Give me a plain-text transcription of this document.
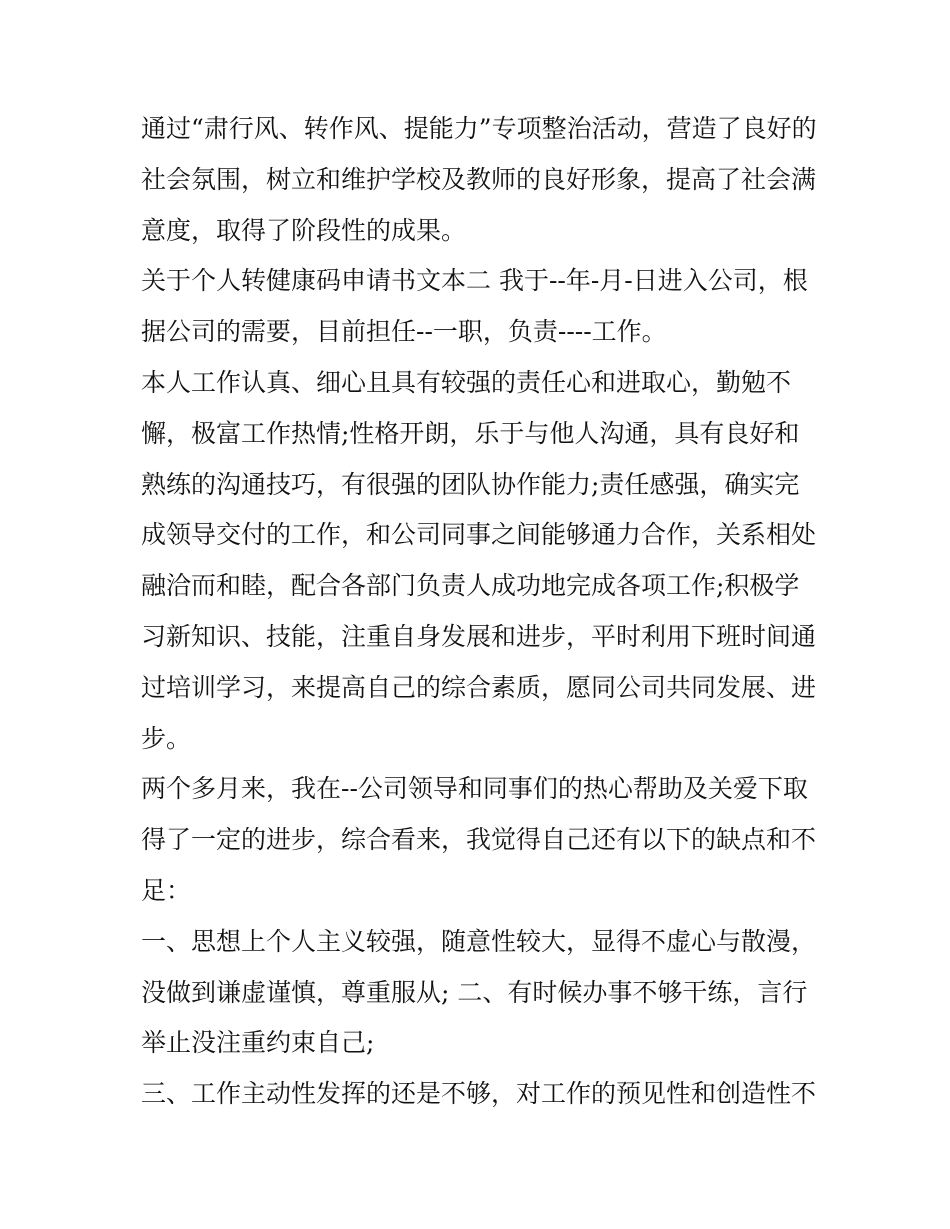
通过“肃行风、转作风、提能力”专项整治活动，营造了良好的
社会氛围，树立和维护学校及教师的良好形象，提高了社会满
意度，取得了阶段性的成果。
关于个人转健康码申请书文本二 我于--年-月-日进入公司，根
据公司的需要，目前担任--一职，负责----工作。
本人工作认真、细心且具有较强的责任心和进取心，勤勉不
懈，极富工作热情;性格开朗，乐于与他人沟通，具有良好和
熟练的沟通技巧，有很强的团队协作能力;责任感强，确实完
成领导交付的工作，和公司同事之间能够通力合作，关系相处
融洽而和睦，配合各部门负责人成功地完成各项工作;积极学
习新知识、技能，注重自身发展和进步，平时利用下班时间通
过培训学习，来提高自己的综合素质，愿同公司共同发展、进
步。
两个多月来，我在--公司领导和同事们的热心帮助及关爱下取
得了一定的进步，综合看来，我觉得自己还有以下的缺点和不
足：
一、思想上个人主义较强，随意性较大，显得不虚心与散漫，
没做到谦虚谨慎，尊重服从; 二、有时候办事不够干练，言行
举止没注重约束自己;
三、工作主动性发挥的还是不够，对工作的预见性和创造性不
